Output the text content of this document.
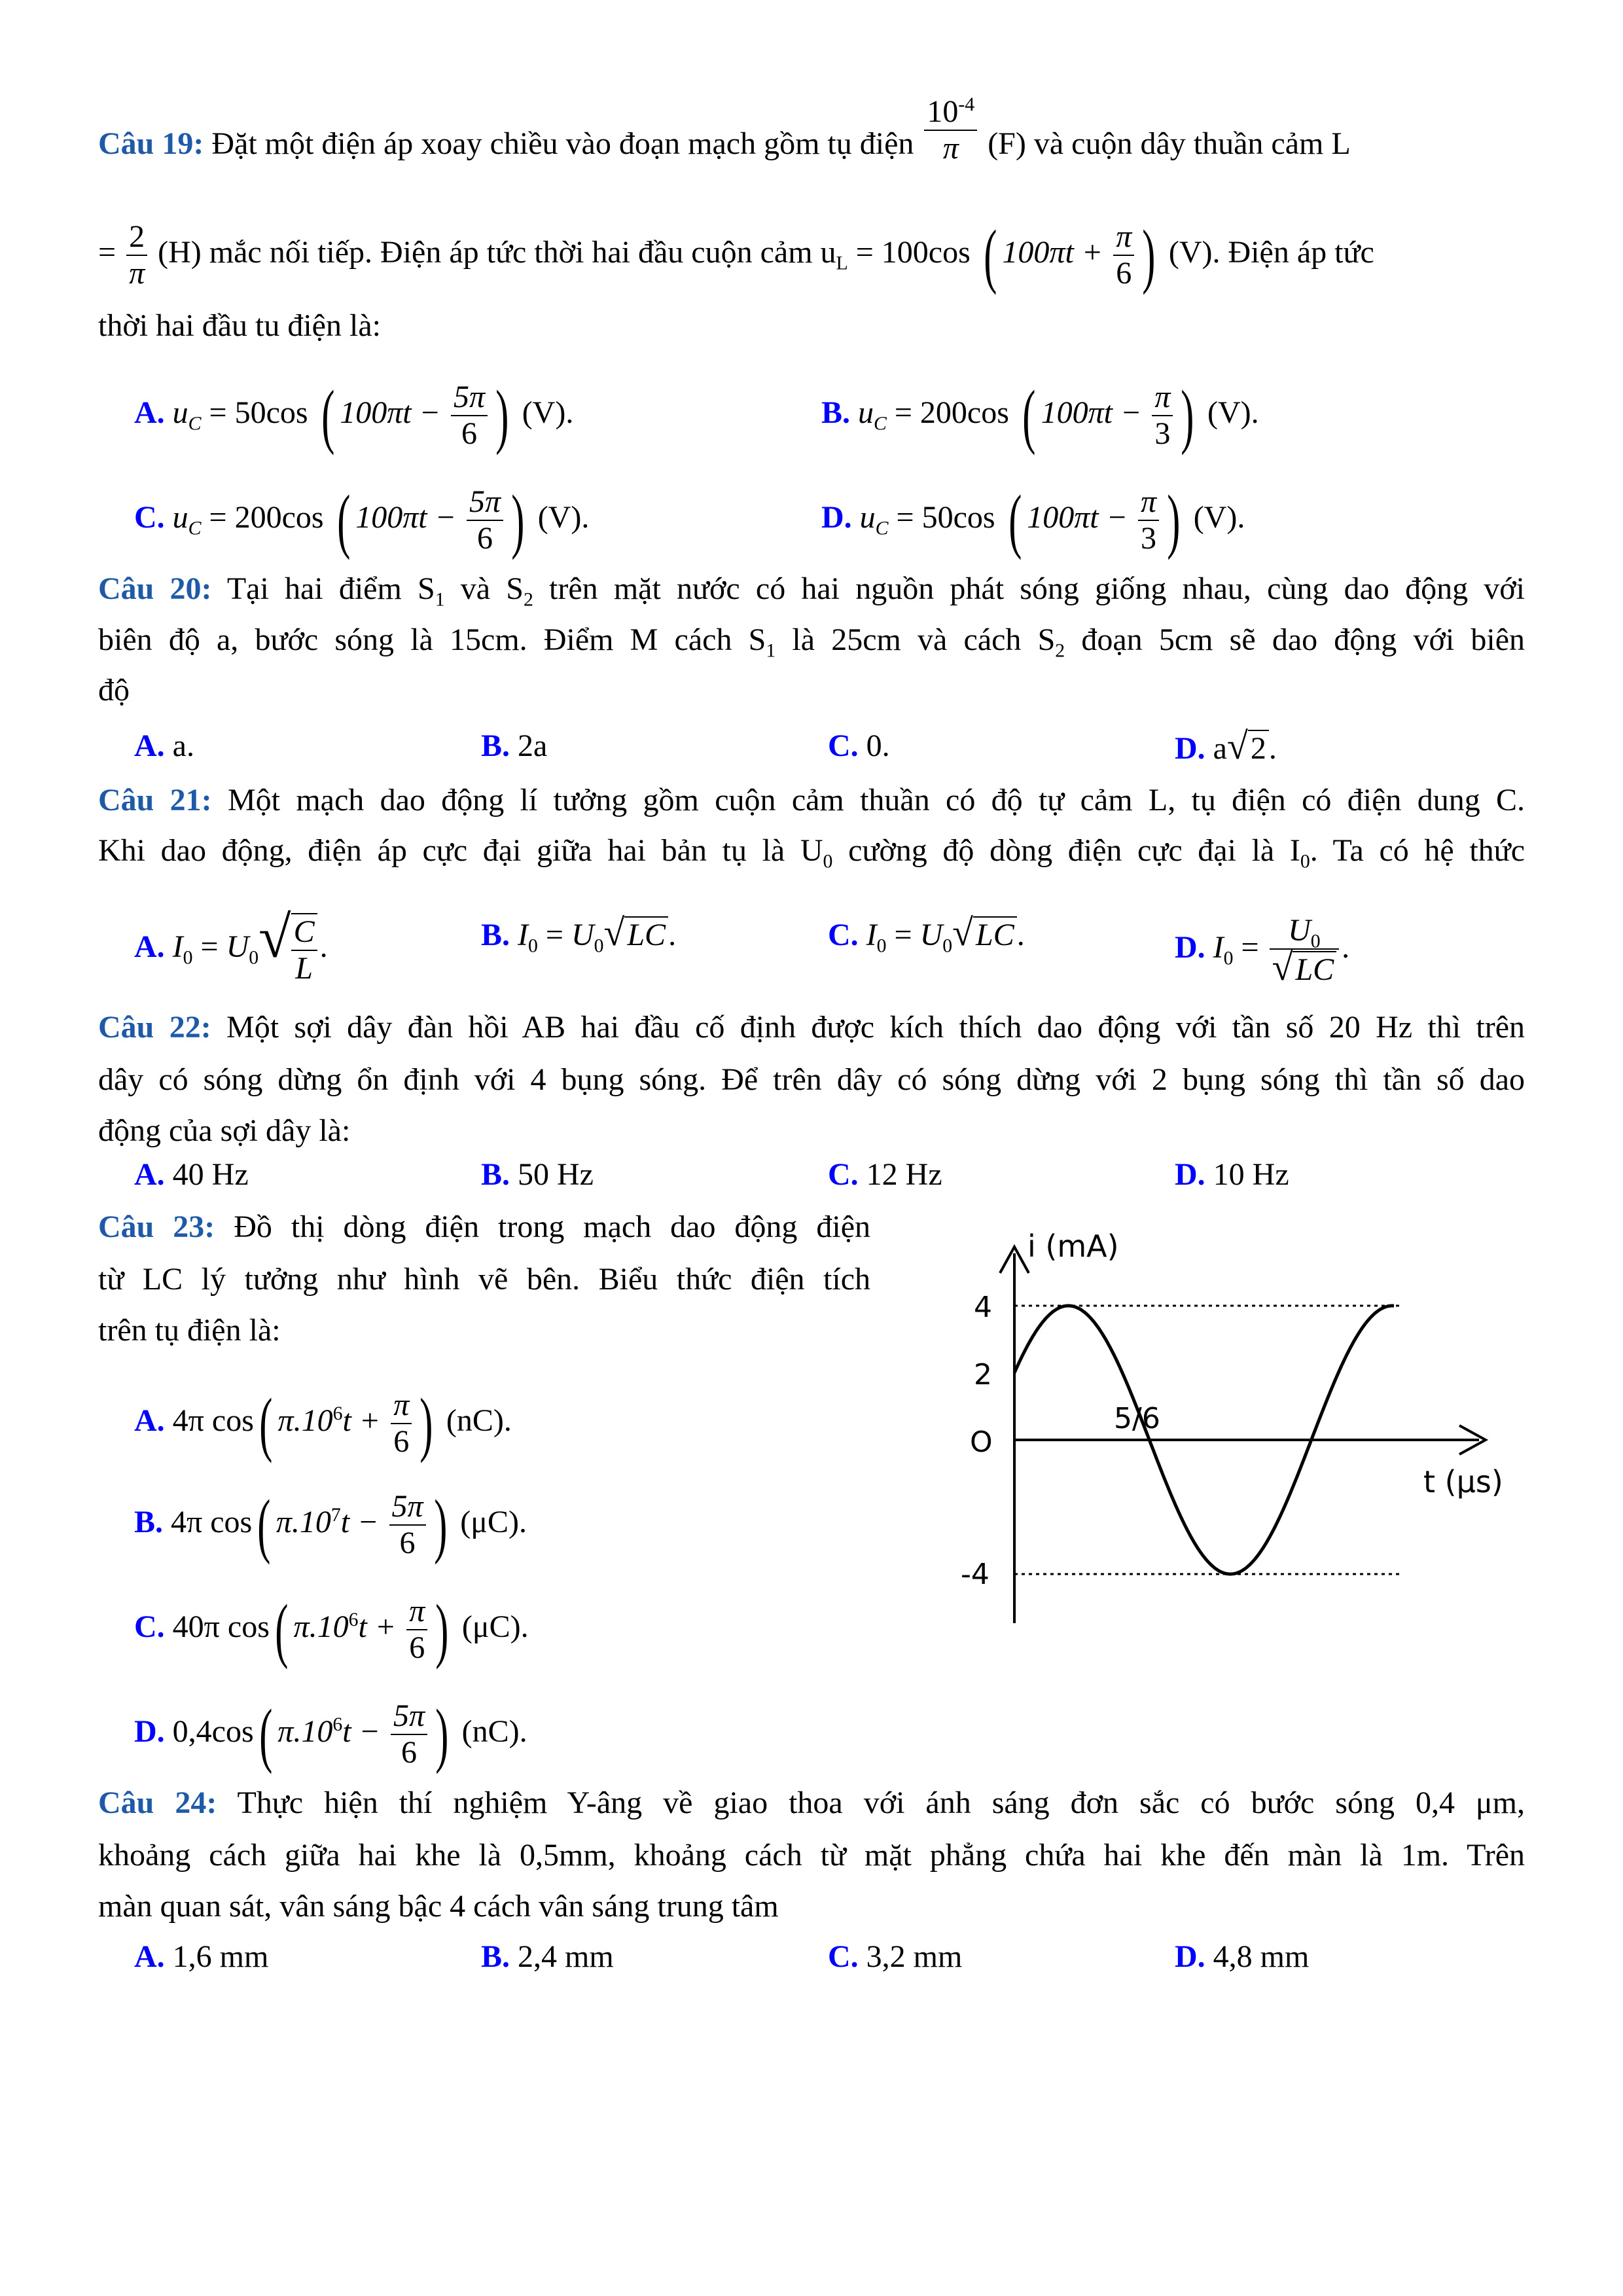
Câu 19: Đặt một điện áp xoay chiều vào đoạn mạch gồm tụ điện $\frac{10^{-4}}{\pi} (F)$ và cuộn dây thuần cảm L
= $\frac{2}{\pi} (H)$ mắc nối tiếp. Điện áp tức thời hai đầu cuộn cảm $u_L = 100\cos$ ( $100\pi t + \frac{\pi}{6}$ ) (V). Điện áp tức
thời hai đầu tu điện là:
A. $u_C = 50\cos$ ( $100\pi t - \frac{5\pi}{6}$ ) (V).	B. $u_C = 200\cos$ ( $100\pi t - \frac{\pi}{3}$ ) (V).
C. $u_C = 200\cos$ ( $100\pi t - \frac{5\pi}{6}$ ) (V).	D. $u_C = 50\cos$ ( $100\pi t - \frac{\pi}{3}$ ) (V).
Câu 20: Tại hai điểm $S_1$ và $S_2$ trên mặt nước có hai nguồn phát sóng giống nhau, cùng dao động với
biên độ a, bước sóng là 15cm. Điểm M cách $S_1$ là 25cm và cách $S_2$ đoạn 5cm sẽ dao động với biên
độ
A. a.	B. 2a	C. 0.	D. a√2.
Câu 21: Một mạch dao động lí tưởng gồm cuộn cảm thuần có độ tự cảm L, tụ điện có điện dung C.
Khi dao động, điện áp cực đại giữa hai bản tụ là $U_0$ cường độ dòng điện cực đại là $I_0$. Ta có hệ thức
A. $I_0 = U_0√ \frac{C}{L}$ .	B. $I_0 = U_0√LC$.	C. $I_0 = U_0√LC$.	D. $I_0 = \frac{U_0}{√LC}$ .
Câu 22: Một sợi dây đàn hồi AB hai đầu cố định được kích thích dao động với tần số 20 Hz thì trên
dây có sóng dừng ổn định với 4 bụng sóng. Để trên dây có sóng dừng với 2 bụng sóng thì tần số dao
động của sợi dây là:
A. 40 Hz	B. 50 Hz	C. 12 Hz	D. 10 Hz
Câu 23: Đồ thị dòng điện trong mạch dao động điện
từ LC lý tưởng như hình vẽ bên. Biểu thức điện tích
trên tụ điện là:
A. 4π cos( $\pi.10^6t + \frac{\pi}{6}$ ) (nC).
B. 4π cos( $\pi.10^7t - \frac{5\pi}{6}$ ) (μC).
C. 40π cos( $\pi.10^6t + \frac{\pi}{6}$ ) (μC).
D. 0,4cos( $\pi.10^6t - \frac{5\pi}{6}$ ) (nC).
i (mA)
t (μs)
4
2
O
-4
5/6
Câu 24: Thực hiện thí nghiệm Y-âng về giao thoa với ánh sáng đơn sắc có bước sóng 0,4 μm,
khoảng cách giữa hai khe là 0,5mm, khoảng cách từ mặt phẳng chứa hai khe đến màn là 1m. Trên
màn quan sát, vân sáng bậc 4 cách vân sáng trung tâm
A. 1,6 mm	B. 2,4 mm	C. 3,2 mm	D. 4,8 mm
